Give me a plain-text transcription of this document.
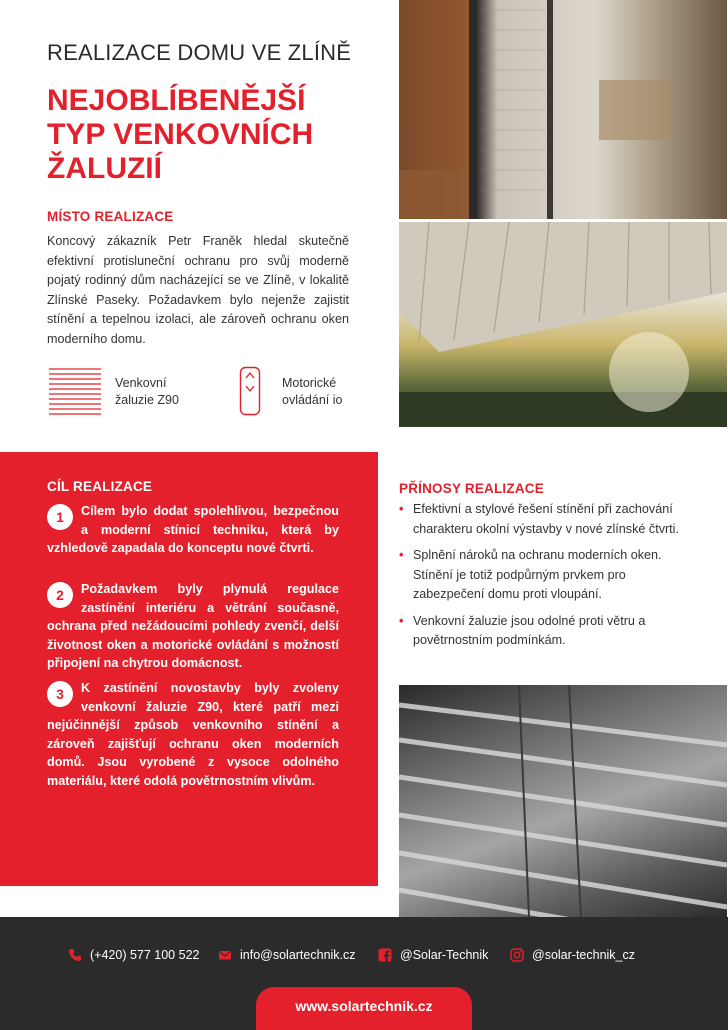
REALIZACE DOMU VE ZLÍNĚ
NEJOBLÍBENĚJŠÍ
TYP VENKOVNÍCH
ŽALUZIÍ
MÍSTO REALIZACE
Koncový zákazník Petr Franěk hledal skutečně efektivní protisluneční ochranu pro svůj moderně pojatý rodinný dům nacházející se ve Zlíně, v lokalitě Zlínské Paseky. Požadavkem bylo nejenže zajistit stínění a tepelnou izolaci, ale zároveň ochranu oken moderního domu.
Venkovní
žaluzie Z90
Motorické
ovládání io
CÍL REALIZACE
1	Cílem bylo dodat spolehlivou, bezpečnou a moderní stínicí techniku, která by vzhledově zapadala do konceptu nové čtvrti.
2	Požadavkem byly plynulá regulace zastínění interiéru a větrání současně, ochrana před nežádoucími pohledy zvenčí, delší životnost oken a motorické ovládání s možností připojení na chytrou domácnost.
3	K zastínění novostavby byly zvoleny venkovní žaluzie Z90, které patří mezi nejúčinnější způsob venkovního stínění a zároveň zajišťují ochranu oken moderních domů. Jsou vyrobené z vysoce odolného materiálu, které odolá povětrnostním vlivům.
PŘÍNOSY REALIZACE
• Efektivní a stylové řešení stínění při zachování charakteru okolní výstavby v nové zlínské čtvrti.
• Splnění nároků na ochranu moderních oken. Stínění je totiž podpůrným prvkem pro zabezpečení domu proti vloupání.
• Venkovní žaluzie jsou odolné proti větru a povětrnostním podmínkám.
(+420) 577 100 522	info@solartechnik.cz	@Solar-Technik	@solar-technik_cz
www.solartechnik.cz
